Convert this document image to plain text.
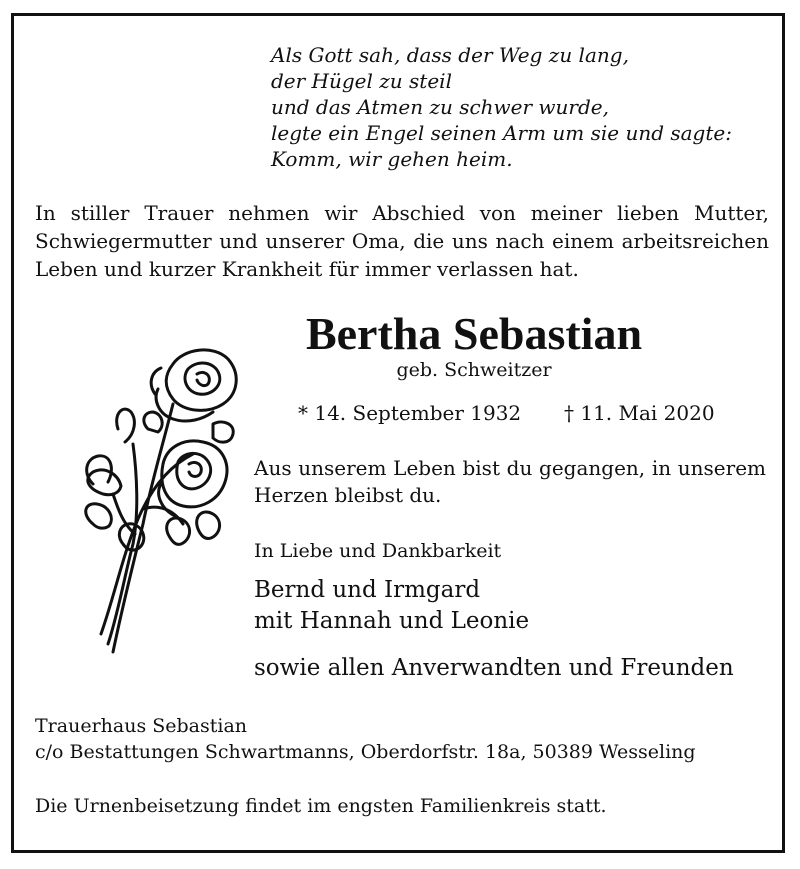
Als Gott sah, dass der Weg zu lang,
der Hügel zu steil
und das Atmen zu schwer wurde,
legte ein Engel seinen Arm um sie und sagte:
Komm, wir gehen heim.
In stiller Trauer nehmen wir Abschied von meiner lieben Mutter, Schwiegermutter und unserer Oma, die uns nach einem arbeitsreichen Leben und kurzer Krankheit für immer verlassen hat.
Bertha Sebastian
geb. Schweitzer
* 14. September 1932 † 11. Mai 2020
Aus unserem Leben bist du gegangen, in unserem Herzen bleibst du.
In Liebe und Dankbarkeit
Bernd und Irmgard
mit Hannah und Leonie
sowie allen Anverwandten und Freunden
Trauerhaus Sebastian
c/o Bestattungen Schwartmanns, Oberdorfstr. 18a, 50389 Wesseling
Die Urnenbeisetzung findet im engsten Familienkreis statt.
